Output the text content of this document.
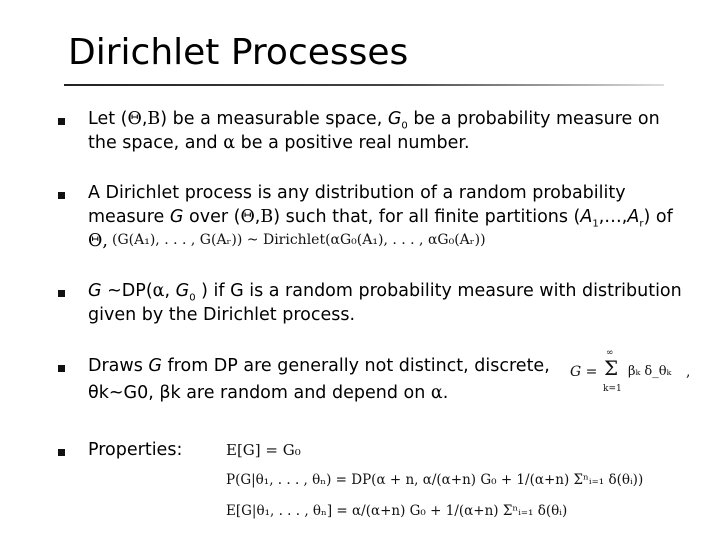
Dirichlet Processes
Let (Θ,B) be a measurable space, $G_0$ be a probability measure on
the space, and α be a positive real number.
A Dirichlet process is any distribution of a random probability
measure G over (Θ,B) such that, for all finite partitions $(A_1,\dots,A_r)$ of
Θ, (G(A₁), . . . , G(Aᵣ)) ~ Dirichlet(αG₀(A₁), . . . , αG₀(Aᵣ))
G ~DP(α, $G_0$ ) if G is a random probability measure with distribution
given by the Dirichlet process.
Draws G from DP are generally not distinct, discrete,
θk~G0, βk are random and depend on α.
G =
∞
Σ
k=1
βₖ δ_θₖ ,
Properties:	E[G] = G₀
P(G|θ₁, . . . , θₙ) = DP(α + n, α/(α+n) G₀ + 1/(α+n) Σⁿᵢ₌₁ δ(θᵢ))
E[G|θ₁, . . . , θₙ] = α/(α+n) G₀ + 1/(α+n) Σⁿᵢ₌₁ δ(θᵢ)
